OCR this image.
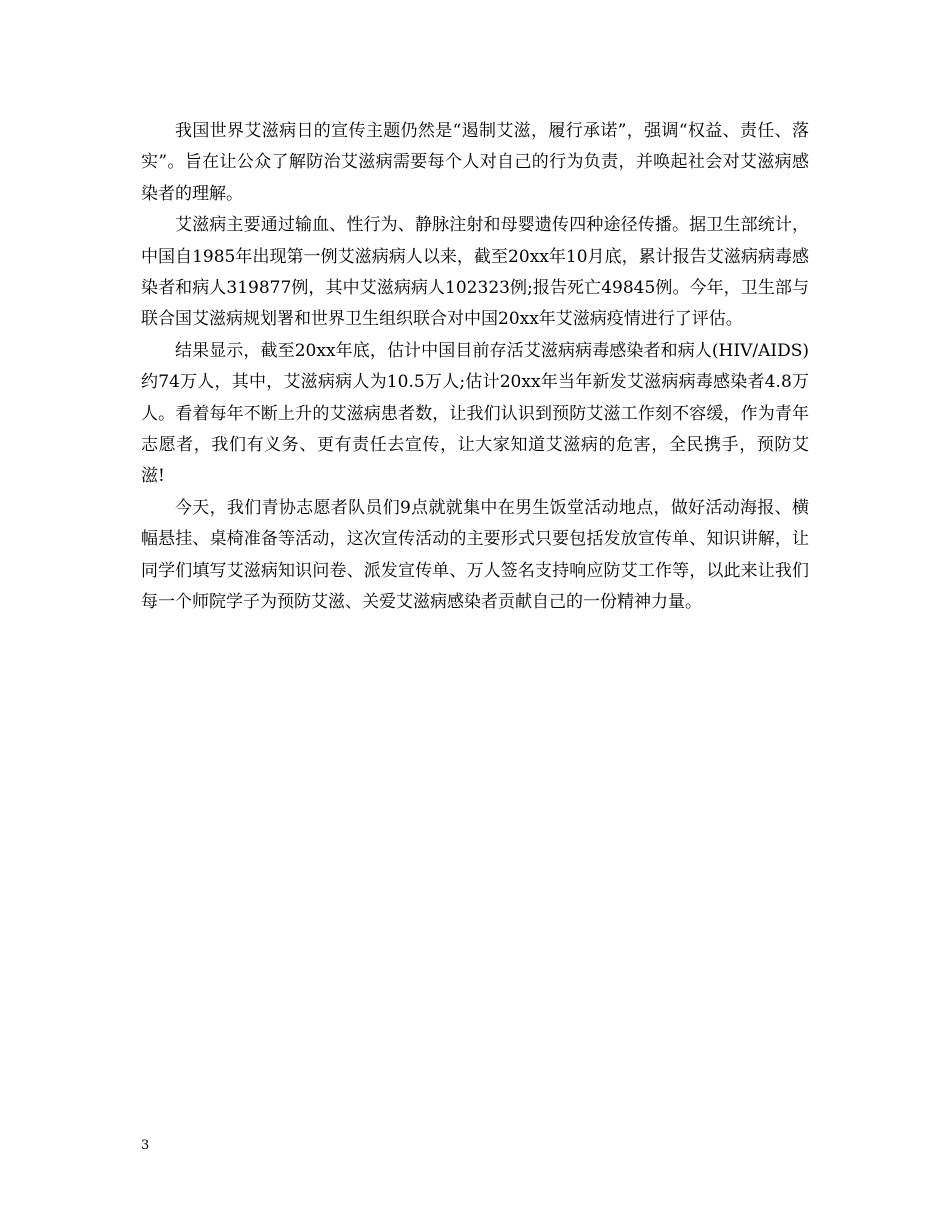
我国世界艾滋病日的宣传主题仍然是“遏制艾滋，履行承诺”，强调“权益、责任、落实”。旨在让公众了解防治艾滋病需要每个人对自己的行为负责，并唤起社会对艾滋病感染者的理解。

艾滋病主要通过输血、性行为、静脉注射和母婴遗传四种途径传播。据卫生部统计，中国自1985年出现第一例艾滋病病人以来，截至20xx年10月底，累计报告艾滋病病毒感染者和病人319877例，其中艾滋病病人102323例;报告死亡49845例。今年，卫生部与联合国艾滋病规划署和世界卫生组织联合对中国20xx年艾滋病疫情进行了评估。

结果显示，截至20xx年底，估计中国目前存活艾滋病病毒感染者和病人(HIV/AIDS)约74万人，其中，艾滋病病人为10.5万人;估计20xx年当年新发艾滋病病毒感染者4.8万人。看着每年不断上升的艾滋病患者数，让我们认识到预防艾滋工作刻不容缓，作为青年志愿者，我们有义务、更有责任去宣传，让大家知道艾滋病的危害，全民携手，预防艾滋!

今天，我们青协志愿者队员们9点就就集中在男生饭堂活动地点，做好活动海报、横幅悬挂、桌椅准备等活动，这次宣传活动的主要形式只要包括发放宣传单、知识讲解，让同学们填写艾滋病知识问卷、派发宣传单、万人签名支持响应防艾工作等，以此来让我们每一个师院学子为预防艾滋、关爱艾滋病感染者贡献自己的一份精神力量。

3
